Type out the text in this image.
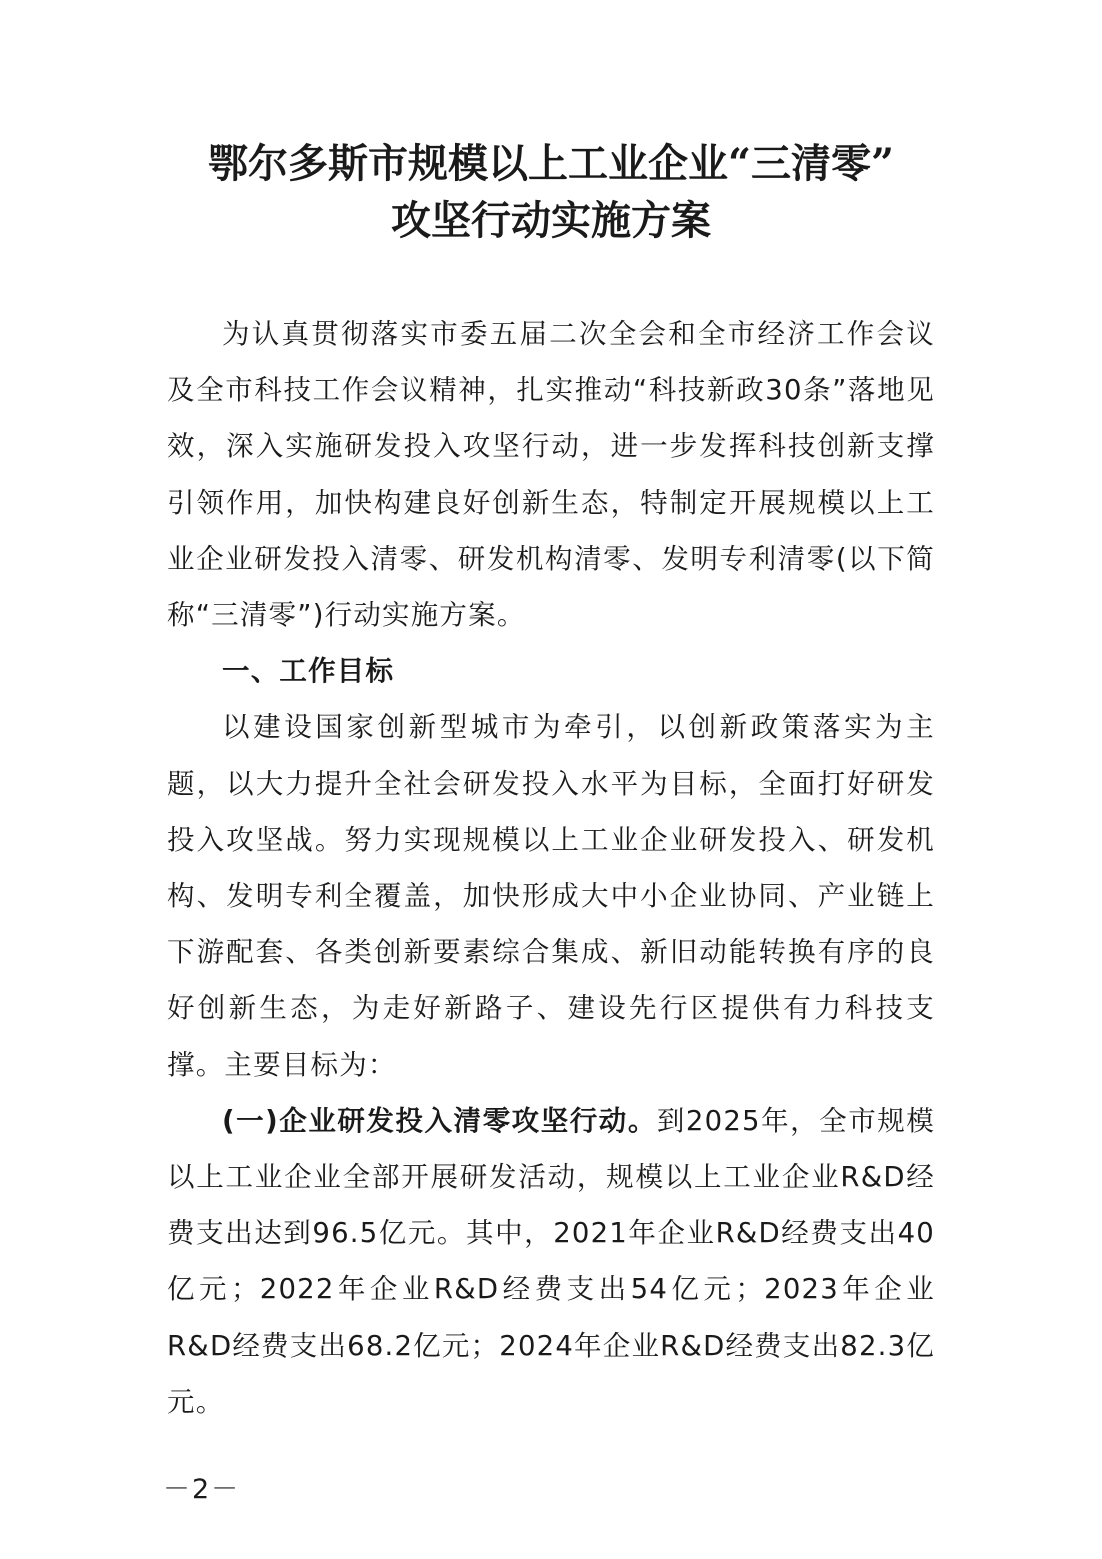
鄂尔多斯市规模以上工业企业“三清零”
攻坚行动实施方案

为认真贯彻落实市委五届二次全会和全市经济工作会议及全市科技工作会议精神，扎实推动“科技新政30条”落地见效，深入实施研发投入攻坚行动，进一步发挥科技创新支撑引领作用，加快构建良好创新生态，特制定开展规模以上工业企业研发投入清零、研发机构清零、发明专利清零(以下简称“三清零”)行动实施方案。

一、工作目标

以建设国家创新型城市为牵引，以创新政策落实为主题，以大力提升全社会研发投入水平为目标，全面打好研发投入攻坚战。努力实现规模以上工业企业研发投入、研发机构、发明专利全覆盖，加快形成大中小企业协同、产业链上下游配套、各类创新要素综合集成、新旧动能转换有序的良好创新生态，为走好新路子、建设先行区提供有力科技支撑。主要目标为：

(一)企业研发投入清零攻坚行动。到2025年，全市规模以上工业企业全部开展研发活动，规模以上工业企业R&D经费支出达到96.5亿元。其中，2021年企业R&D经费支出40亿元；2022年企业R&D经费支出54亿元；2023年企业R&D经费支出68.2亿元；2024年企业R&D经费支出82.3亿元。

－2－
